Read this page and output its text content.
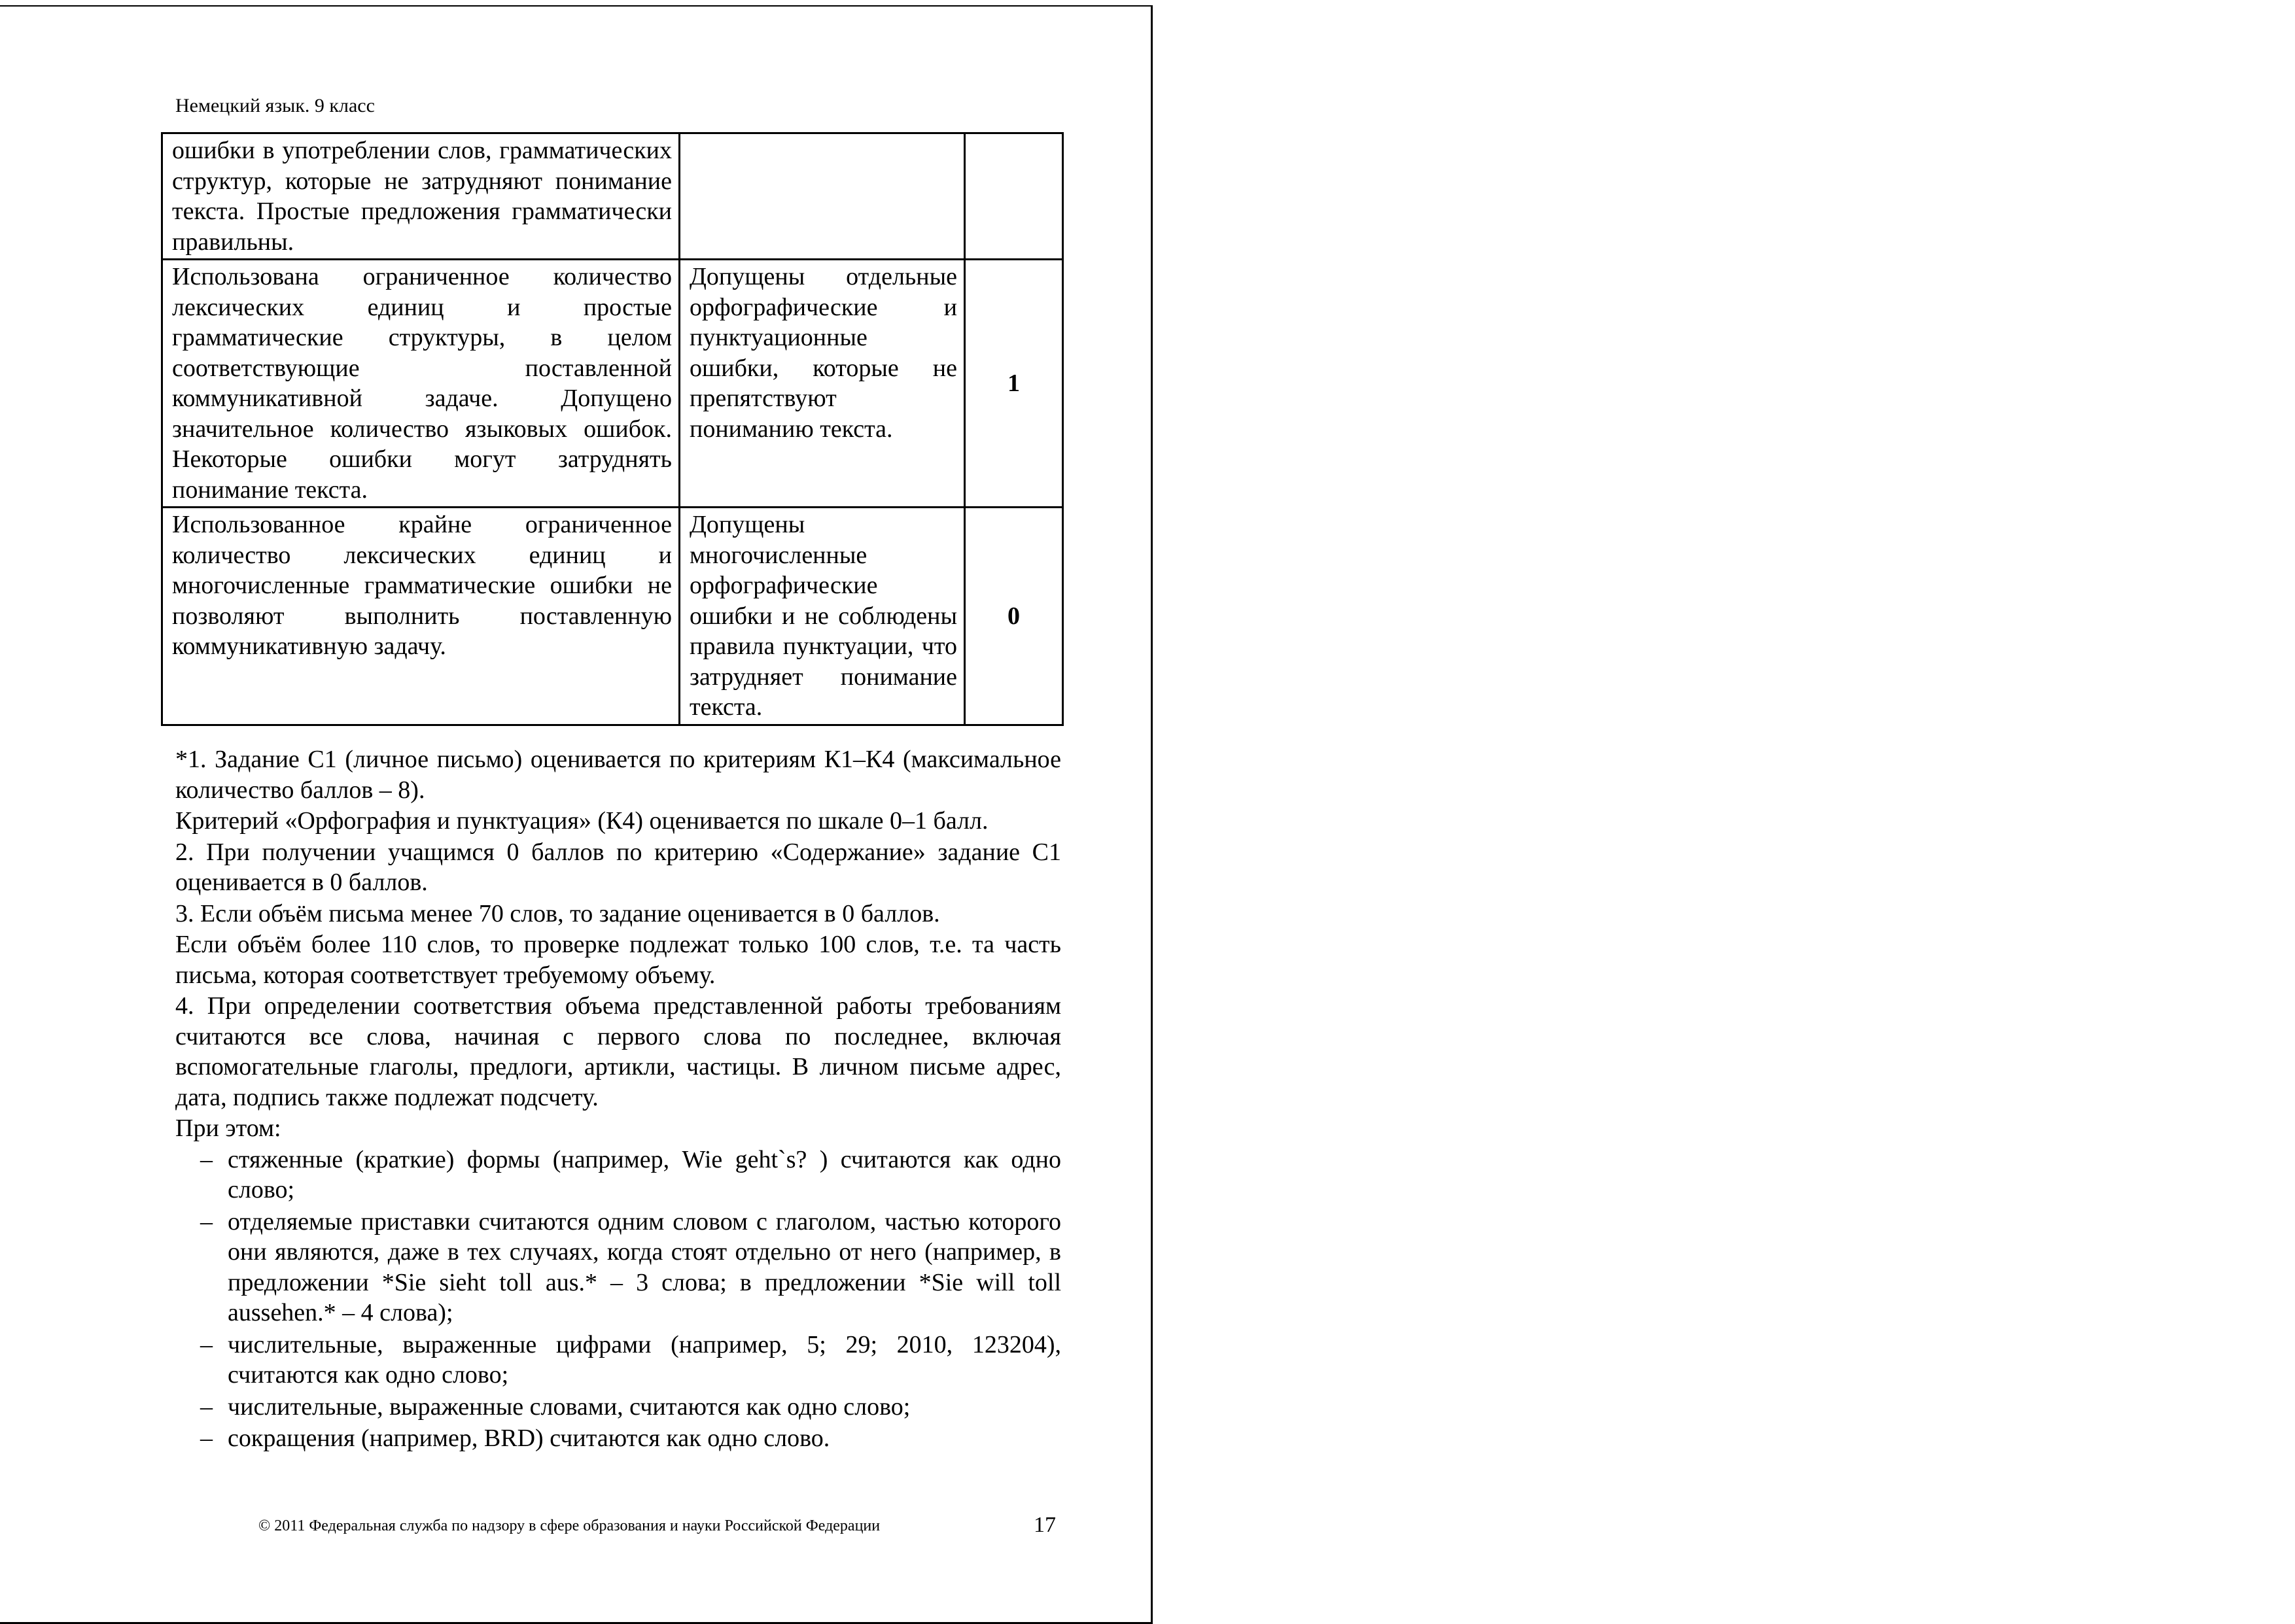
Немецкий язык. 9 класс
ошибки в употреблении слов, грамматических структур, которые не затрудняют понимание текста. Простые предложения грамматически правильны.		
Использована ограниченное количество лексических единиц и простые грамматические структуры, в целом соответствующие поставленной коммуникативной задаче. Допущено значительное количество языковых ошибок. Некоторые ошибки могут затруднять понимание текста.	Допущены отдельные орфографические и пунктуационные ошибки, которые не препятствуют пониманию текста.	1
Использованное крайне ограниченное количество лексических единиц и многочисленные грамматические ошибки не позволяют выполнить поставленную коммуникативную задачу.	Допущены многочисленные орфографические ошибки и не соблюдены правила пунктуации, что затрудняет понимание текста.	0

*1. Задание С1 (личное письмо) оценивается по критериям К1–К4 (максимальное количество баллов – 8).

Критерий «Орфография и пунктуация» (К4) оценивается по шкале 0–1 балл.

2. При получении учащимся 0 баллов по критерию «Содержание» задание С1 оценивается в 0 баллов.

3. Если объём письма менее 70 слов, то задание оценивается в 0 баллов.

Если объём более 110 слов, то проверке подлежат только 100 слов, т.е. та часть письма, которая соответствует требуемому объему.

4. При определении соответствия объема представленной работы требованиям считаются все слова, начиная с первого слова по последнее, включая вспомогательные глаголы, предлоги, артикли, частицы. В личном письме адрес, дата, подпись также подлежат подсчету.

При этом:

– стяженные (краткие) формы (например, Wie geht`s? ) считаются как одно слово;
– отделяемые приставки считаются одним словом с глаголом, частью которого они являются, даже в тех случаях, когда стоят отдельно от него (например, в предложении *Sie sieht toll aus.* – 3 слова; в предложении *Sie will toll aussehen.* – 4 слова);
– числительные, выраженные цифрами (например, 5; 29; 2010, 123204), считаются как одно слово;
– числительные, выраженные словами, считаются как одно слово;
– сокращения (например, BRD) считаются как одно слово.
© 2011 Федеральная служба по надзору в сфере образования и науки Российской Федерации	17
